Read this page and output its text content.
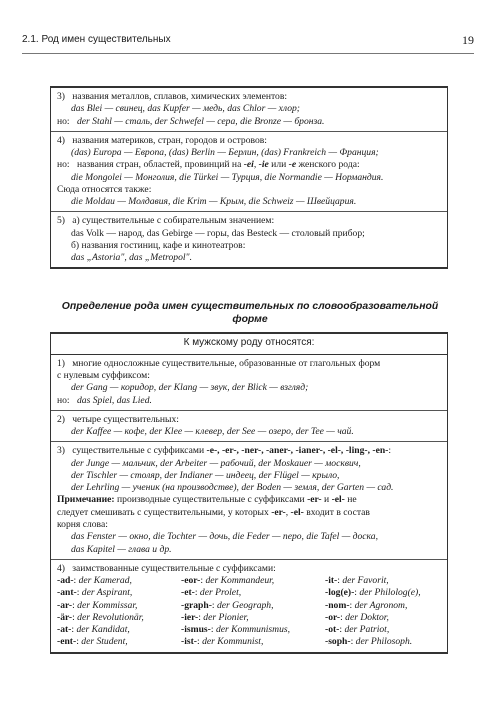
2.1. Род имен существительных	19
3) названия металлов, сплавов, химических элементов:
das Blei — свинец, das Kupfer — медь, das Chlor — хлор;
но: der Stahl — сталь, der Schwefel — сера, die Bronze — бронза.
4) названия материков, стран, городов и островов:
(das) Europa — Европа, (das) Berlin — Берлин, (das) Frankreich — Франция;
но: названия стран, областей, провинций на -ei, -ie или -e женского рода:
die Mongolei — Монголия, die Türkei — Турция, die Normandie — Нормандия.
Сюда относятся также:
die Moldau — Молдавия, die Krim — Крым, die Schweiz — Швейцария.
5) а) существительные с собирательным значением:
das Volk — народ, das Gebirge — горы, das Besteck — столовый прибор;
б) названия гостиниц, кафе и кинотеатров:
das „Astoria", das „Metropol".
Определение рода имен существительных по словообразовательной
форме
К мужскому роду относятся:
1) многие односложные существительные, образованные от глагольных форм
с нулевым суффиксом:
der Gang — коридор, der Klang — звук, der Blick — взгляд;
но: das Spiel, das Lied.
2) четыре существительных:
der Kaffee — кофе, der Klee — клевер, der See — озеро, der Tee — чай.
3) существительные с суффиксами -e-, -er-, -ner-, -aner-, -ianer-, -el-, -ling-, -en-:
der Junge — мальчик, der Arbeiter — рабочий, der Moskauer — москвич,
der Tischler — столяр, der Indianer — индеец, der Flügel — крыло,
der Lehrling — ученик (на производстве), der Boden — земля, der Garten — сад.
Примечание: производные существительные с суффиксами -er- и -el- не
следует смешивать с существительными, у которых -er-, -el- входит в состав
корня слова:
das Fenster — окно, die Tochter — дочь, die Feder — перо, die Tafel — доска,
das Kapitel — глава и др.
4) заимствованные существительные с суффиксами:
-ad-: der Kamerad,	-eor-: der Kommandeur,	-it-: der Favorit,
-ant-: der Aspirant,	-et-: der Prolet,	-log(e)-: der Philolog(e),
-ar-: der Kommissar,	-graph-: der Geograph,	-nom-: der Agronom,
-är-: der Revolutionär,	-ier-: der Pionier,	-or-: der Doktor,
-at-: der Kandidat,	-ismus-: der Kommunismus,	-ot-: der Patriot,
-ent-: der Student,	-ist-: der Kommunist,	-soph-: der Philosoph.
